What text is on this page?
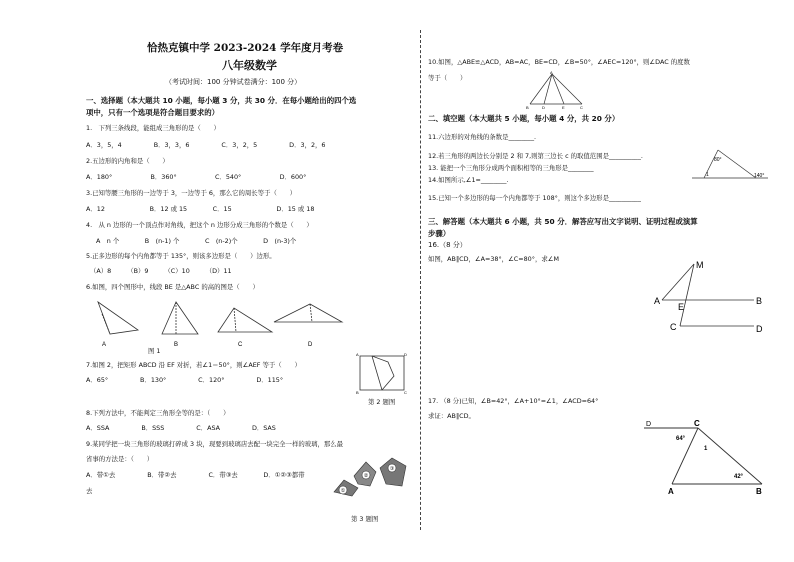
恰热克镇中学 2023-2024 学年度月考卷
八年级数学
（考试时间：100 分钟试卷满分：100 分）
一、选择题（本大题共 10 小题，每小题 3 分，共 30 分．在每小题给出的四个选
项中，只有一个选项是符合题目要求的）
1.　下列三条线段，能组成三角形的是（　　）
A．3，5，4　　　　　B．3，3，6　　　　　C．3，2，5　　　　　D．3，2，6
2.五边形的内角和是（　　）
A．180°　　　　　　B．360°　　　　　　C．540°　　　　　　D．600°
3.已知等腰三角形的一边等于 3，一边等于 6，那么它的周长等于（　　）
A．12　　　　　　　B．12 或 15　　　　C．15　　　　　　　D．15 或 18
4.　从 n 边形的一个顶点作对角线，把这个 n 边形分成三角形的个数是（　　）
A　n 个　　　　B　(n-1) 个　　　　C　(n-2)个　　　　D　(n-3)个
5.正多边形的每个内角都等于 135°，则该多边形是（　　）边形。
（A）8　　　（B）9　　　（C）10　　　（D）11
6.如图，四个图形中，线段 BE 是△ABC 的高的图是（　　）
A	B	C	D
图 1
7.如图 2，把矩形 ABCD 沿 EF 对折，若∠1＝50°，则∠AEF 等于（　　）
A．65°　　　　　B．130°　　　　　C．120°　　　　　D．115°
A
B	C
D
第 2 题图
8.下列方法中，不能判定三角形全等的是：（　　）
A．SSA　　　　　B．SSS　　　　　C．ASA　　　　　D．SAS
9.某同学把一块三角形的玻璃打碎成 3 块，现要到玻璃店去配一块完全一样的玻璃，那么最
省事的方法是：（　　）
A．带①去　　　　　B．带②去　　　　　C．带③去　　　　D．①②③都带
去	①
②
③
第 3 题图
10.如图，△ABE≌△ACD，AB=AC，BE=CD，∠B=50°，∠AEC=120°，则∠DAC 的度数
等于（　　）
A
B	D	E	C
二、填空题（本大题共 5 小题，每小题 4 分，共 20 分）
11.六边形的对角线的条数是________.
12.若三角形的两边长分别是 2 和 7,则第三边长 c 的取值范围是__________.
13. 能把一个三角形分成两个面积相等的三角形是________
14.如图所示,∠1=________.
15.已知一个多边形的每一个内角都等于 108°，则这个多边形是__________
80°
1	140°
三、解答题（本大题共 6 小题，共 50 分．解答应写出文字说明、证明过程或演算
步骤）
16.（8 分）
如图，AB∥CD，∠A=38°，∠C=80°，求∠M
M
A
E
B
C	D
17. （8 分)已知，∠B=42°，∠A+10°=∠1，∠ACD=64°
求证：AB∥CD。
D	C
64°
1
42°
A	B
